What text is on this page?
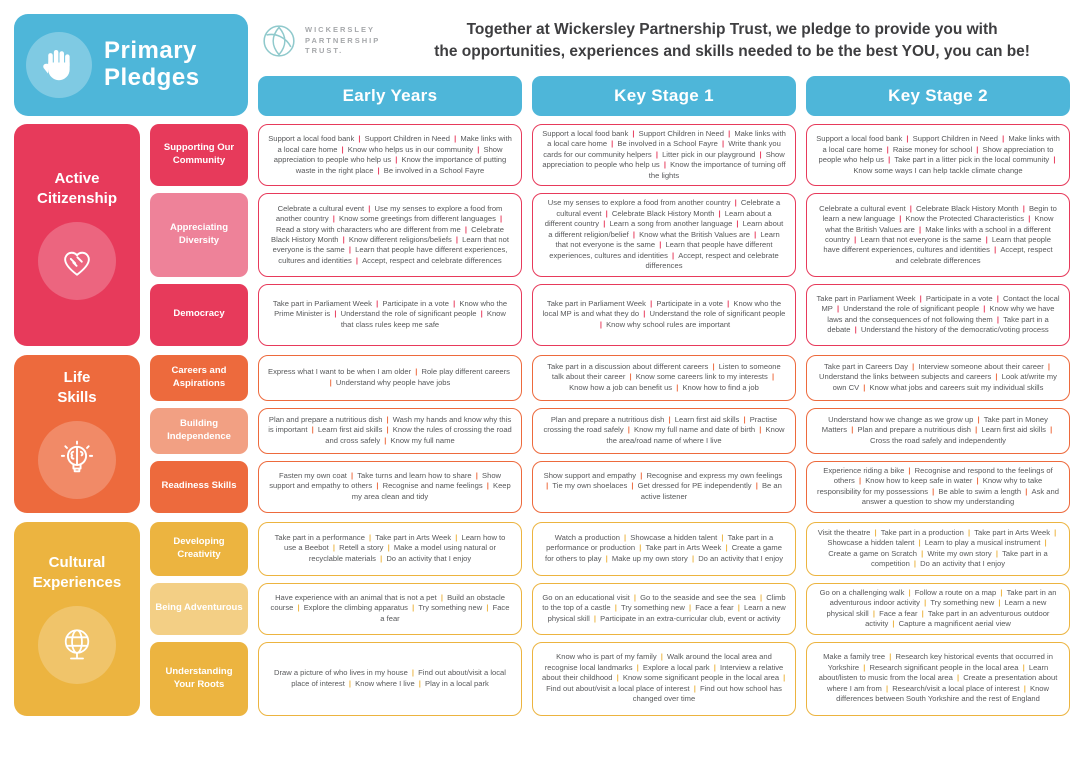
Primary
Pledges
WICKERSLEY
PARTNERSHIP
TRUST.
Together at Wickersley Partnership Trust, we pledge to provide you with
the opportunities, experiences and skills needed to be the best YOU, you can be!
Early Years	Key Stage 1	Key Stage 2
Active
Citizenship
Supporting Our Community
Support a local food bank | Support Children in Need | Make links with a local care home | Know who helps us in our community | Show appreciation to people who help us | Know the importance of putting waste in the right place | Be involved in a School Fayre
Support a local food bank | Support Children in Need | Make links with a local care home | Be involved in a School Fayre | Write thank you cards for our community helpers | Litter pick in our playground | Show appreciation to people who help us | Know the importance of turning off the lights
Support a local food bank | Support Children in Need | Make links with a local care home | Raise money for school | Show appreciation to people who help us | Take part in a litter pick in the local community | Know some ways I can help tackle climate change
Appreciating Diversity
Celebrate a cultural event | Use my senses to explore a food from another country | Know some greetings from different languages | Read a story with characters who are different from me | Celebrate Black History Month | Know different religions/beliefs | Learn that not everyone is the same | Learn that people have different experiences, cultures and identities | Accept, respect and celebrate differences
Use my senses to explore a food from another country | Celebrate a cultural event | Celebrate Black History Month | Learn about a different country | Learn a song from another language | Learn about a different religion/belief | Know what the British Values are | Learn that not everyone is the same | Learn that people have different experiences, cultures and identities | Accept, respect and celebrate differences
Celebrate a cultural event | Celebrate Black History Month | Begin to learn a new language | Know the Protected Characteristics | Know what the British Values are | Make links with a school in a different country | Learn that not everyone is the same | Learn that people have different experiences, cultures and identities | Accept, respect and celebrate differences
Democracy
Take part in Parliament Week | Participate in a vote | Know who the Prime Minister is | Understand the role of significant people | Know that class rules keep me safe
Take part in Parliament Week | Participate in a vote | Know who the local MP is and what they do | Understand the role of significant people | Know why school rules are important
Take part in Parliament Week | Participate in a vote | Contact the local MP | Understand the role of significant people | Know why we have laws and the consequences of not following them | Take part in a debate | Understand the history of the democratic/voting process
Life
Skills
Careers and Aspirations
Express what I want to be when I am older | Role play different careers | Understand why people have jobs
Take part in a discussion about different careers | Listen to someone talk about their career | Know some careers link to my interests | Know how a job can benefit us | Know how to find a job
Take part in Careers Day | Interview someone about their career | Understand the links between subjects and careers | Look at/write my own CV | Know what jobs and careers suit my individual skills
Building Independence
Plan and prepare a nutritious dish | Wash my hands and know why this is important | Learn first aid skills | Know the rules of crossing the road and cross safely | Know my full name
Plan and prepare a nutritious dish | Learn first aid skills | Practise crossing the road safely | Know my full name and date of birth | Know the area/road name of where I live
Understand how we change as we grow up | Take part in Money Matters | Plan and prepare a nutritious dish | Learn first aid skills | Cross the road safely and independently
Readiness Skills
Fasten my own coat | Take turns and learn how to share | Show support and empathy to others | Recognise and name feelings | Keep my area clean and tidy
Show support and empathy | Recognise and express my own feelings | Tie my own shoelaces | Get dressed for PE independently | Be an active listener
Experience riding a bike | Recognise and respond to the feelings of others | Know how to keep safe in water | Know why to take responsibility for my possessions | Be able to swim a length | Ask and answer a question to show my understanding
Cultural
Experiences
Developing Creativity
Take part in a performance | Take part in Arts Week | Learn how to use a Beebot | Retell a story | Make a model using natural or recyclable materials | Do an activity that I enjoy
Watch a production | Showcase a hidden talent | Take part in a performance or production | Take part in Arts Week | Create a game for others to play | Make up my own story | Do an activity that I enjoy
Visit the theatre | Take part in a production | Take part in Arts Week | Showcase a hidden talent | Learn to play a musical instrument | Create a game on Scratch | Write my own story | Take part in a competition | Do an activity that I enjoy
Being Adventurous
Have experience with an animal that is not a pet | Build an obstacle course | Explore the climbing apparatus | Try something new | Face a fear
Go on an educational visit | Go to the seaside and see the sea | Climb to the top of a castle | Try something new | Face a fear | Learn a new physical skill | Participate in an extra-curricular club, event or activity
Go on a challenging walk | Follow a route on a map | Take part in an adventurous indoor activity | Try something new | Learn a new physical skill | Face a fear | Take part in an adventurous outdoor activity | Capture a magnificent aerial view
Understanding Your Roots
Draw a picture of who lives in my house | Find out about/visit a local place of interest | Know where I live | Play in a local park
Know who is part of my family | Walk around the local area and recognise local landmarks | Explore a local park | Interview a relative about their childhood | Know some significant people in the local area | Find out about/visit a local place of interest | Find out how school has changed over time
Make a family tree | Research key historical events that occurred in Yorkshire | Research significant people in the local area | Learn about/listen to music from the local area | Create a presentation about where I am from | Research/visit a local place of interest | Know differences between South Yorkshire and the rest of England
